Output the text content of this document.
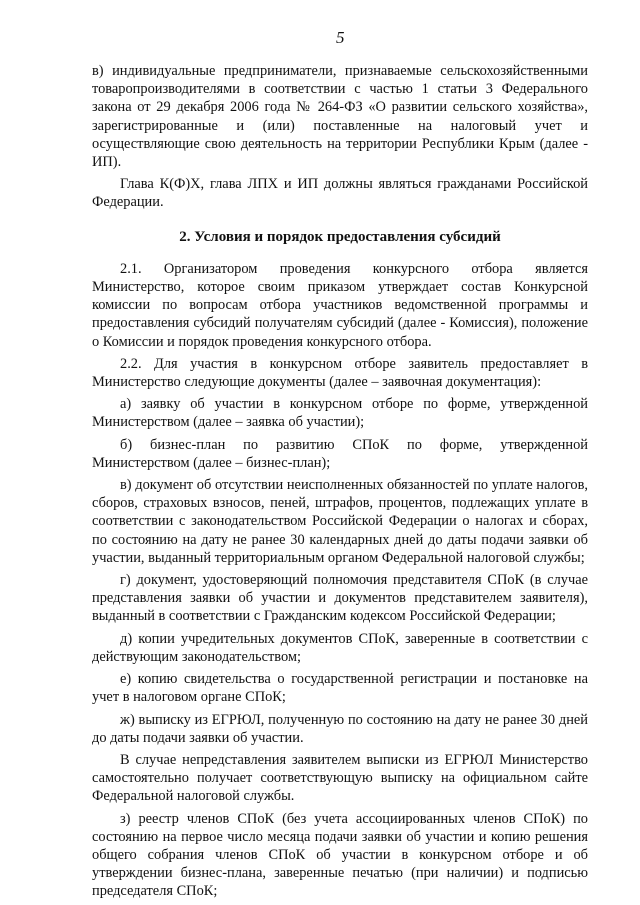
5

в) индивидуальные предприниматели, признаваемые сельскохозяйственными товаропроизводителями в соответствии с частью 1 статьи 3 Федерального закона от 29 декабря 2006 года № 264-ФЗ «О развитии сельского хозяйства», зарегистрированные и (или) поставленные на налоговый учет и осуществляющие свою деятельность на территории Республики Крым (далее - ИП).

Глава К(Ф)Х, глава ЛПХ и ИП должны являться гражданами Российской Федерации.

2. Условия и порядок предоставления субсидий

2.1. Организатором проведения конкурсного отбора является Министерство, которое своим приказом утверждает состав Конкурсной комиссии по вопросам отбора участников ведомственной программы и предоставления субсидий получателям субсидий (далее - Комиссия), положение о Комиссии и порядок проведения конкурсного отбора.

2.2. Для участия в конкурсном отборе заявитель предоставляет в Министерство следующие документы (далее – заявочная документация):

а) заявку об участии в конкурсном отборе по форме, утвержденной Министерством (далее – заявка об участии);

б) бизнес-план по развитию СПоК по форме, утвержденной Министерством (далее – бизнес-план);

в) документ об отсутствии неисполненных обязанностей по уплате налогов, сборов, страховых взносов, пеней, штрафов, процентов, подлежащих уплате в соответствии с законодательством Российской Федерации о налогах и сборах, по состоянию на дату не ранее 30 календарных дней до даты подачи заявки об участии, выданный территориальным органом Федеральной налоговой службы;

г) документ, удостоверяющий полномочия представителя СПоК (в случае представления заявки об участии и документов представителем заявителя), выданный в соответствии с Гражданским кодексом Российской Федерации;

д) копии учредительных документов СПоК, заверенные в соответствии с действующим законодательством;

е) копию свидетельства о государственной регистрации и постановке на учет в налоговом органе СПоК;

ж) выписку из ЕГРЮЛ, полученную по состоянию на дату не ранее 30 дней до даты подачи заявки об участии.

В случае непредставления заявителем выписки из ЕГРЮЛ Министерство самостоятельно получает соответствующую выписку на официальном сайте Федеральной налоговой службы.

з) реестр членов СПоК (без учета ассоциированных членов СПоК) по состоянию на первое число месяца подачи заявки об участии и копию решения общего собрания членов СПоК об участии в конкурсном отборе и об утверждении бизнес-плана, заверенные печатью (при наличии) и подписью председателя СПоК;
